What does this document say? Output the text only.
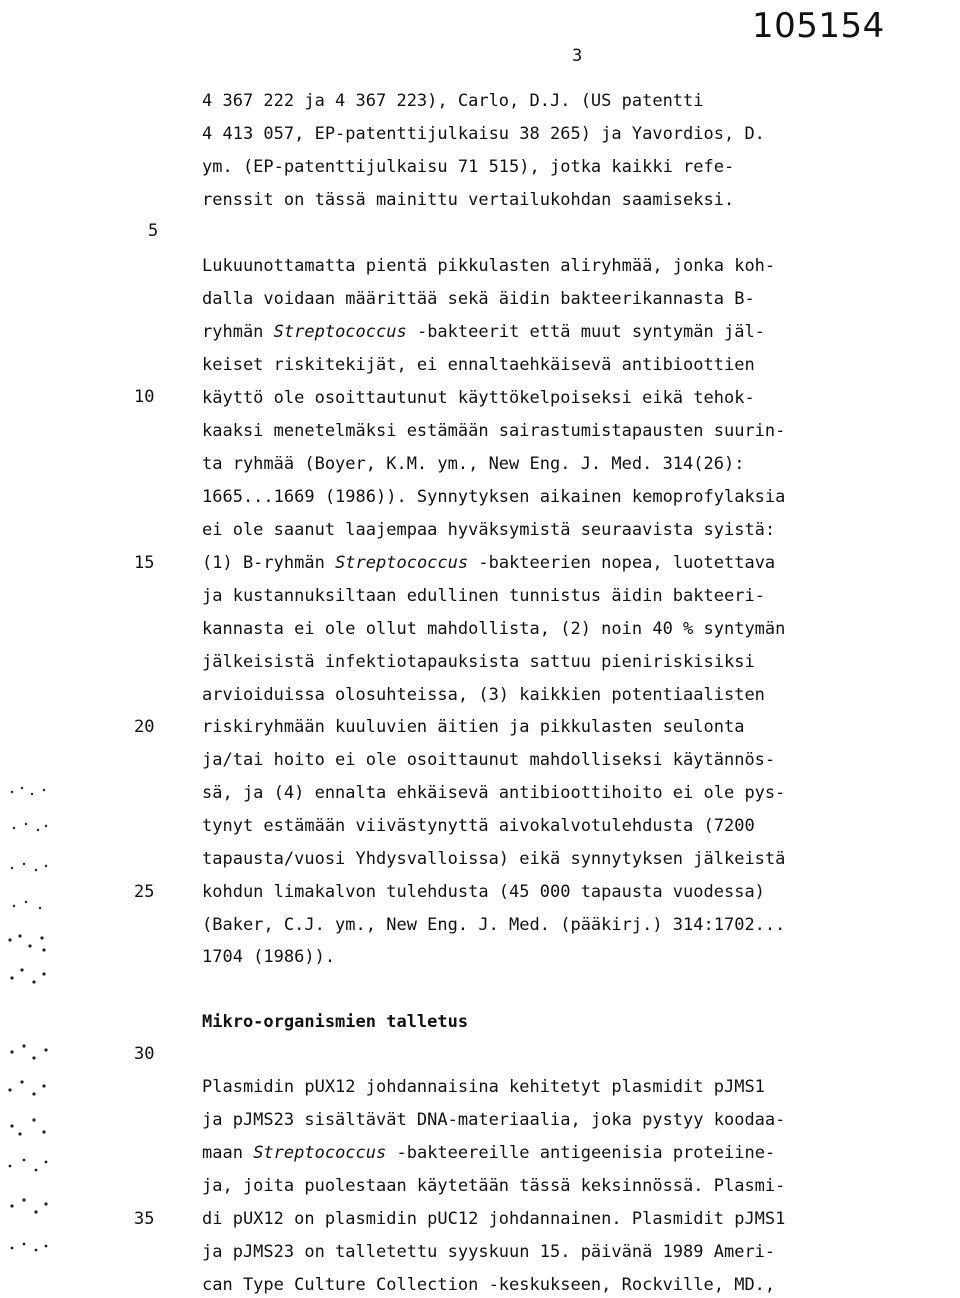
105154
3
5
10
15
20
25
30
35

4 367 222 ja 4 367 223), Carlo, D.J. (US patentti

4 413 057, EP-patenttijulkaisu 38 265) ja Yavordios, D.

ym. (EP-patenttijulkaisu 71 515), jotka kaikki refe-

renssit on tässä mainittu vertailukohdan saamiseksi.

Lukuunottamatta pientä pikkulasten aliryhmää, jonka koh-

dalla voidaan määrittää sekä äidin bakteerikannasta B-

ryhmän Streptococcus -bakteerit että muut syntymän jäl-

keiset riskitekijät, ei ennaltaehkäisevä antibioottien

käyttö ole osoittautunut käyttökelpoiseksi eikä tehok-

kaaksi menetelmäksi estämään sairastumistapausten suurin-

ta ryhmää (Boyer, K.M. ym., New Eng. J. Med. 314(26):

1665...1669 (1986)). Synnytyksen aikainen kemoprofylaksia

ei ole saanut laajempaa hyväksymistä seuraavista syistä:

(1) B-ryhmän Streptococcus -bakteerien nopea, luotettava

ja kustannuksiltaan edullinen tunnistus äidin bakteeri-

kannasta ei ole ollut mahdollista, (2) noin 40 % syntymän

jälkeisistä infektiotapauksista sattuu pieniriskisiksi

arvioiduissa olosuhteissa, (3) kaikkien potentiaalisten

riskiryhmään kuuluvien äitien ja pikkulasten seulonta

ja/tai hoito ei ole osoittaunut mahdolliseksi käytännös-

sä, ja (4) ennalta ehkäisevä antibioottihoito ei ole pys-

tynyt estämään viivästynyttä aivokalvotulehdusta (7200

tapausta/vuosi Yhdysvalloissa) eikä synnytyksen jälkeistä

kohdun limakalvon tulehdusta (45 000 tapausta vuodessa)

(Baker, C.J. ym., New Eng. J. Med. (pääkirj.) 314:1702...

1704 (1986)).

Mikro-organismien talletus

Plasmidin pUX12 johdannaisina kehitetyt plasmidit pJMS1

ja pJMS23 sisältävät DNA-materiaalia, joka pystyy koodaa-

maan Streptococcus -bakteereille antigeenisia proteiine-

ja, joita puolestaan käytetään tässä keksinnössä. Plasmi-

di pUX12 on plasmidin pUC12 johdannainen. Plasmidit pJMS1

ja pJMS23 on talletettu syyskuun 15. päivänä 1989 Ameri-

can Type Culture Collection -keskukseen, Rockville, MD.,
